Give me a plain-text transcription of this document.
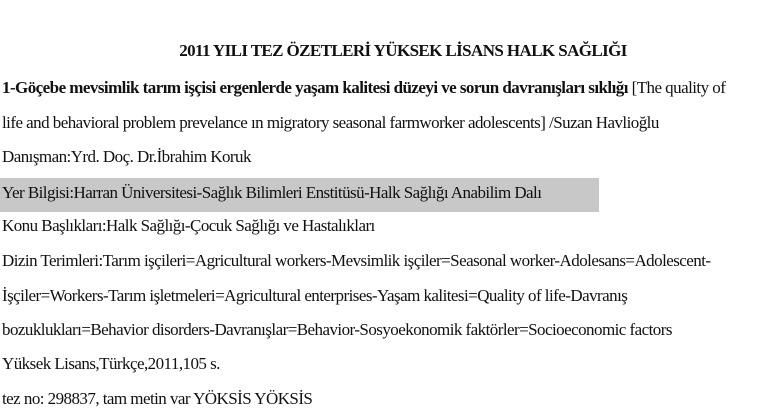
2011 YILI TEZ ÖZETLERİ YÜKSEK LİSANS HALK SAĞLIĞI
1-Göçebe mevsimlik tarım işçisi ergenlerde yaşam kalitesi düzeyi ve sorun davranışları sıklığı [The quality of
life and behavioral problem prevelance ın migratory seasonal farmworker adolescents] /Suzan Havlioğlu
Danışman:Yrd. Doç. Dr.İbrahim Koruk
Yer Bilgisi:Harran Üniversitesi-Sağlık Bilimleri Enstitüsü-Halk Sağlığı Anabilim Dalı
Konu Başlıkları:Halk Sağlığı-Çocuk Sağlığı ve Hastalıkları
Dizin Terimleri:Tarım işçileri=Agricultural workers-Mevsimlik işçiler=Seasonal worker-Adolesans=Adolescent-
İşçiler=Workers-Tarım işletmeleri=Agricultural enterprises-Yaşam kalitesi=Quality of life-Davranış
bozuklukları=Behavior disorders-Davranışlar=Behavior-Sosyoekonomik faktörler=Socioeconomic factors
Yüksek Lisans,Türkçe,2011,105 s.
tez no: 298837, tam metin var YÖKSİS YÖKSİS
